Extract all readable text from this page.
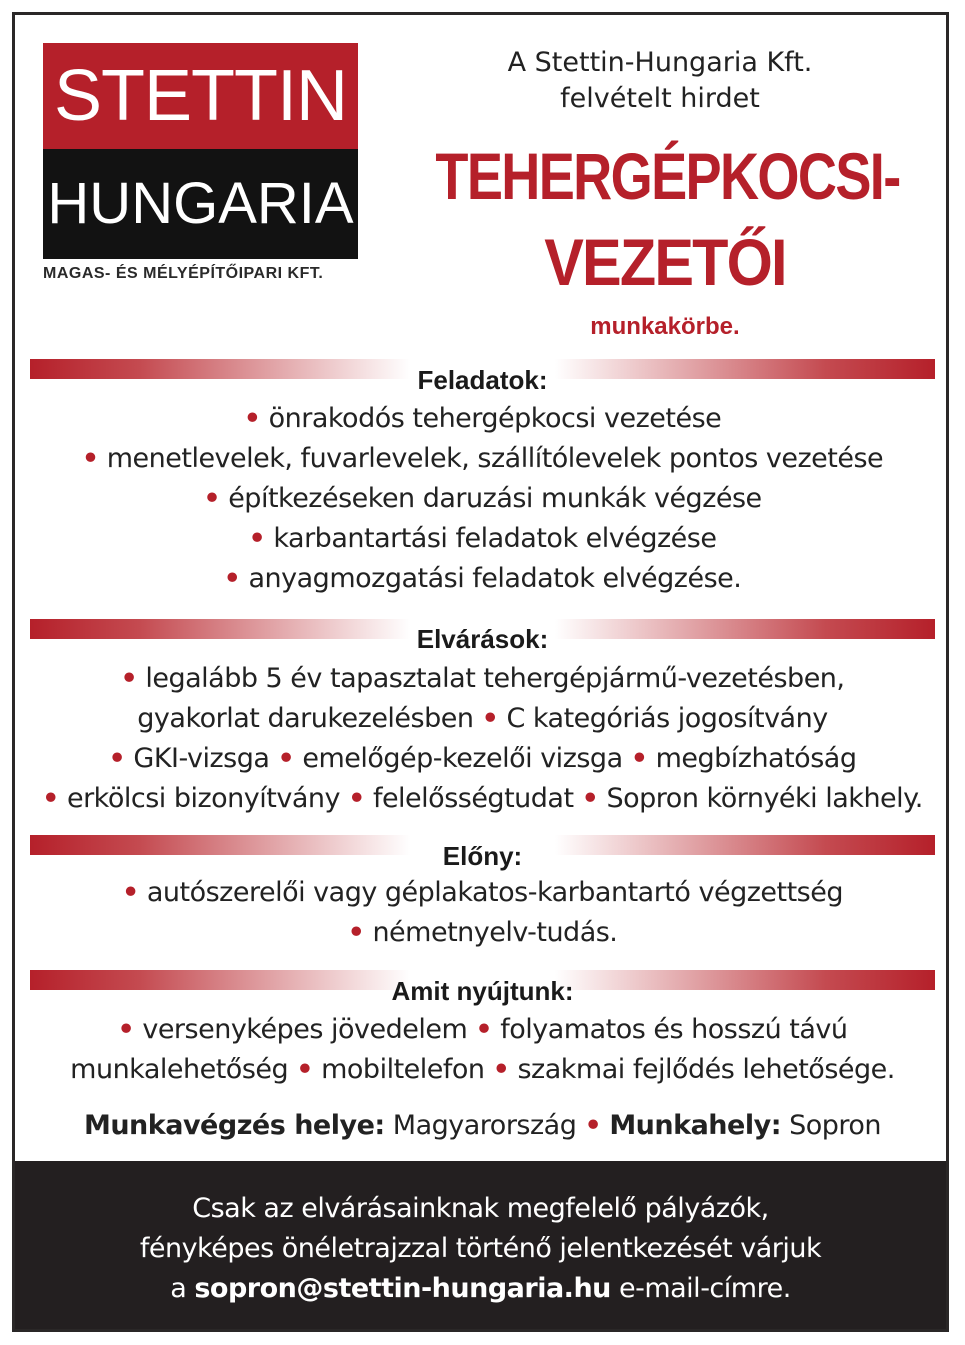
STETTIN
HUNGARIA
MAGAS- ÉS MÉLYÉPÍTŐIPARI KFT.
A Stettin-Hungaria Kft.
felvételt hirdet
TEHERGÉPKOCSI-
VEZETŐI
munkakörbe.
Feladatok:
• önrakodós tehergépkocsi vezetése
• menetlevelek, fuvarlevelek, szállítólevelek pontos vezetése
• építkezéseken daruzási munkák végzése
• karbantartási feladatok elvégzése
• anyagmozgatási feladatok elvégzése.
Elvárások:
• legalább 5 év tapasztalat tehergépjármű-vezetésben,
gyakorlat darukezelésben • C kategóriás jogosítvány
• GKI-vizsga • emelőgép-kezelői vizsga • megbízhatóság
• erkölcsi bizonyítvány • felelősségtudat • Sopron környéki lakhely.
Előny:
• autószerelői vagy géplakatos-karbantartó végzettség
• németnyelv-tudás.
Amit nyújtunk:
• versenyképes jövedelem • folyamatos és hosszú távú
munkalehetőség • mobiltelefon • szakmai fejlődés lehetősége.
Munkavégzés helye: Magyarország • Munkahely: Sopron
Csak az elvárásainknak megfelelő pályázók,
fényképes önéletrajzzal történő jelentkezését várjuk
a sopron@stettin-hungaria.hu e-mail-címre.
